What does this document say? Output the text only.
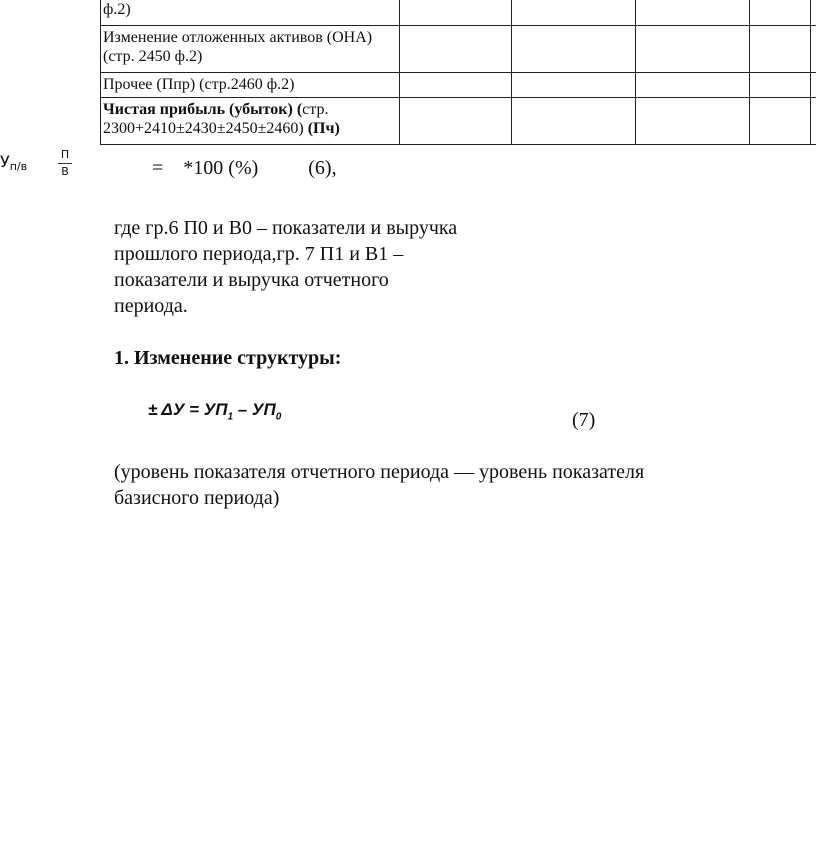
ф.2)					
Изменение отложенных активов (ОНА) (стр. 2450 ф.2)					
Прочее (Ппр) (стр.2460 ф.2)					
Чистая прибыль (убыток) (стр. 2300+2410±2430±2450±2460) (Пч)					
$У_{п/в}$
П
В	=    *100 (%)          (6),
где гр.6 П0 и В0 – показатели и выручка
прошлого периода,гр. 7 П1 и В1 –
показатели и выручка отчетного
периода.
1. Изменение структуры:
± $\Delta У = УП_1 - УП_0$	(7)
(уровень показателя отчетного периода — уровень показателя
базисного периода)
